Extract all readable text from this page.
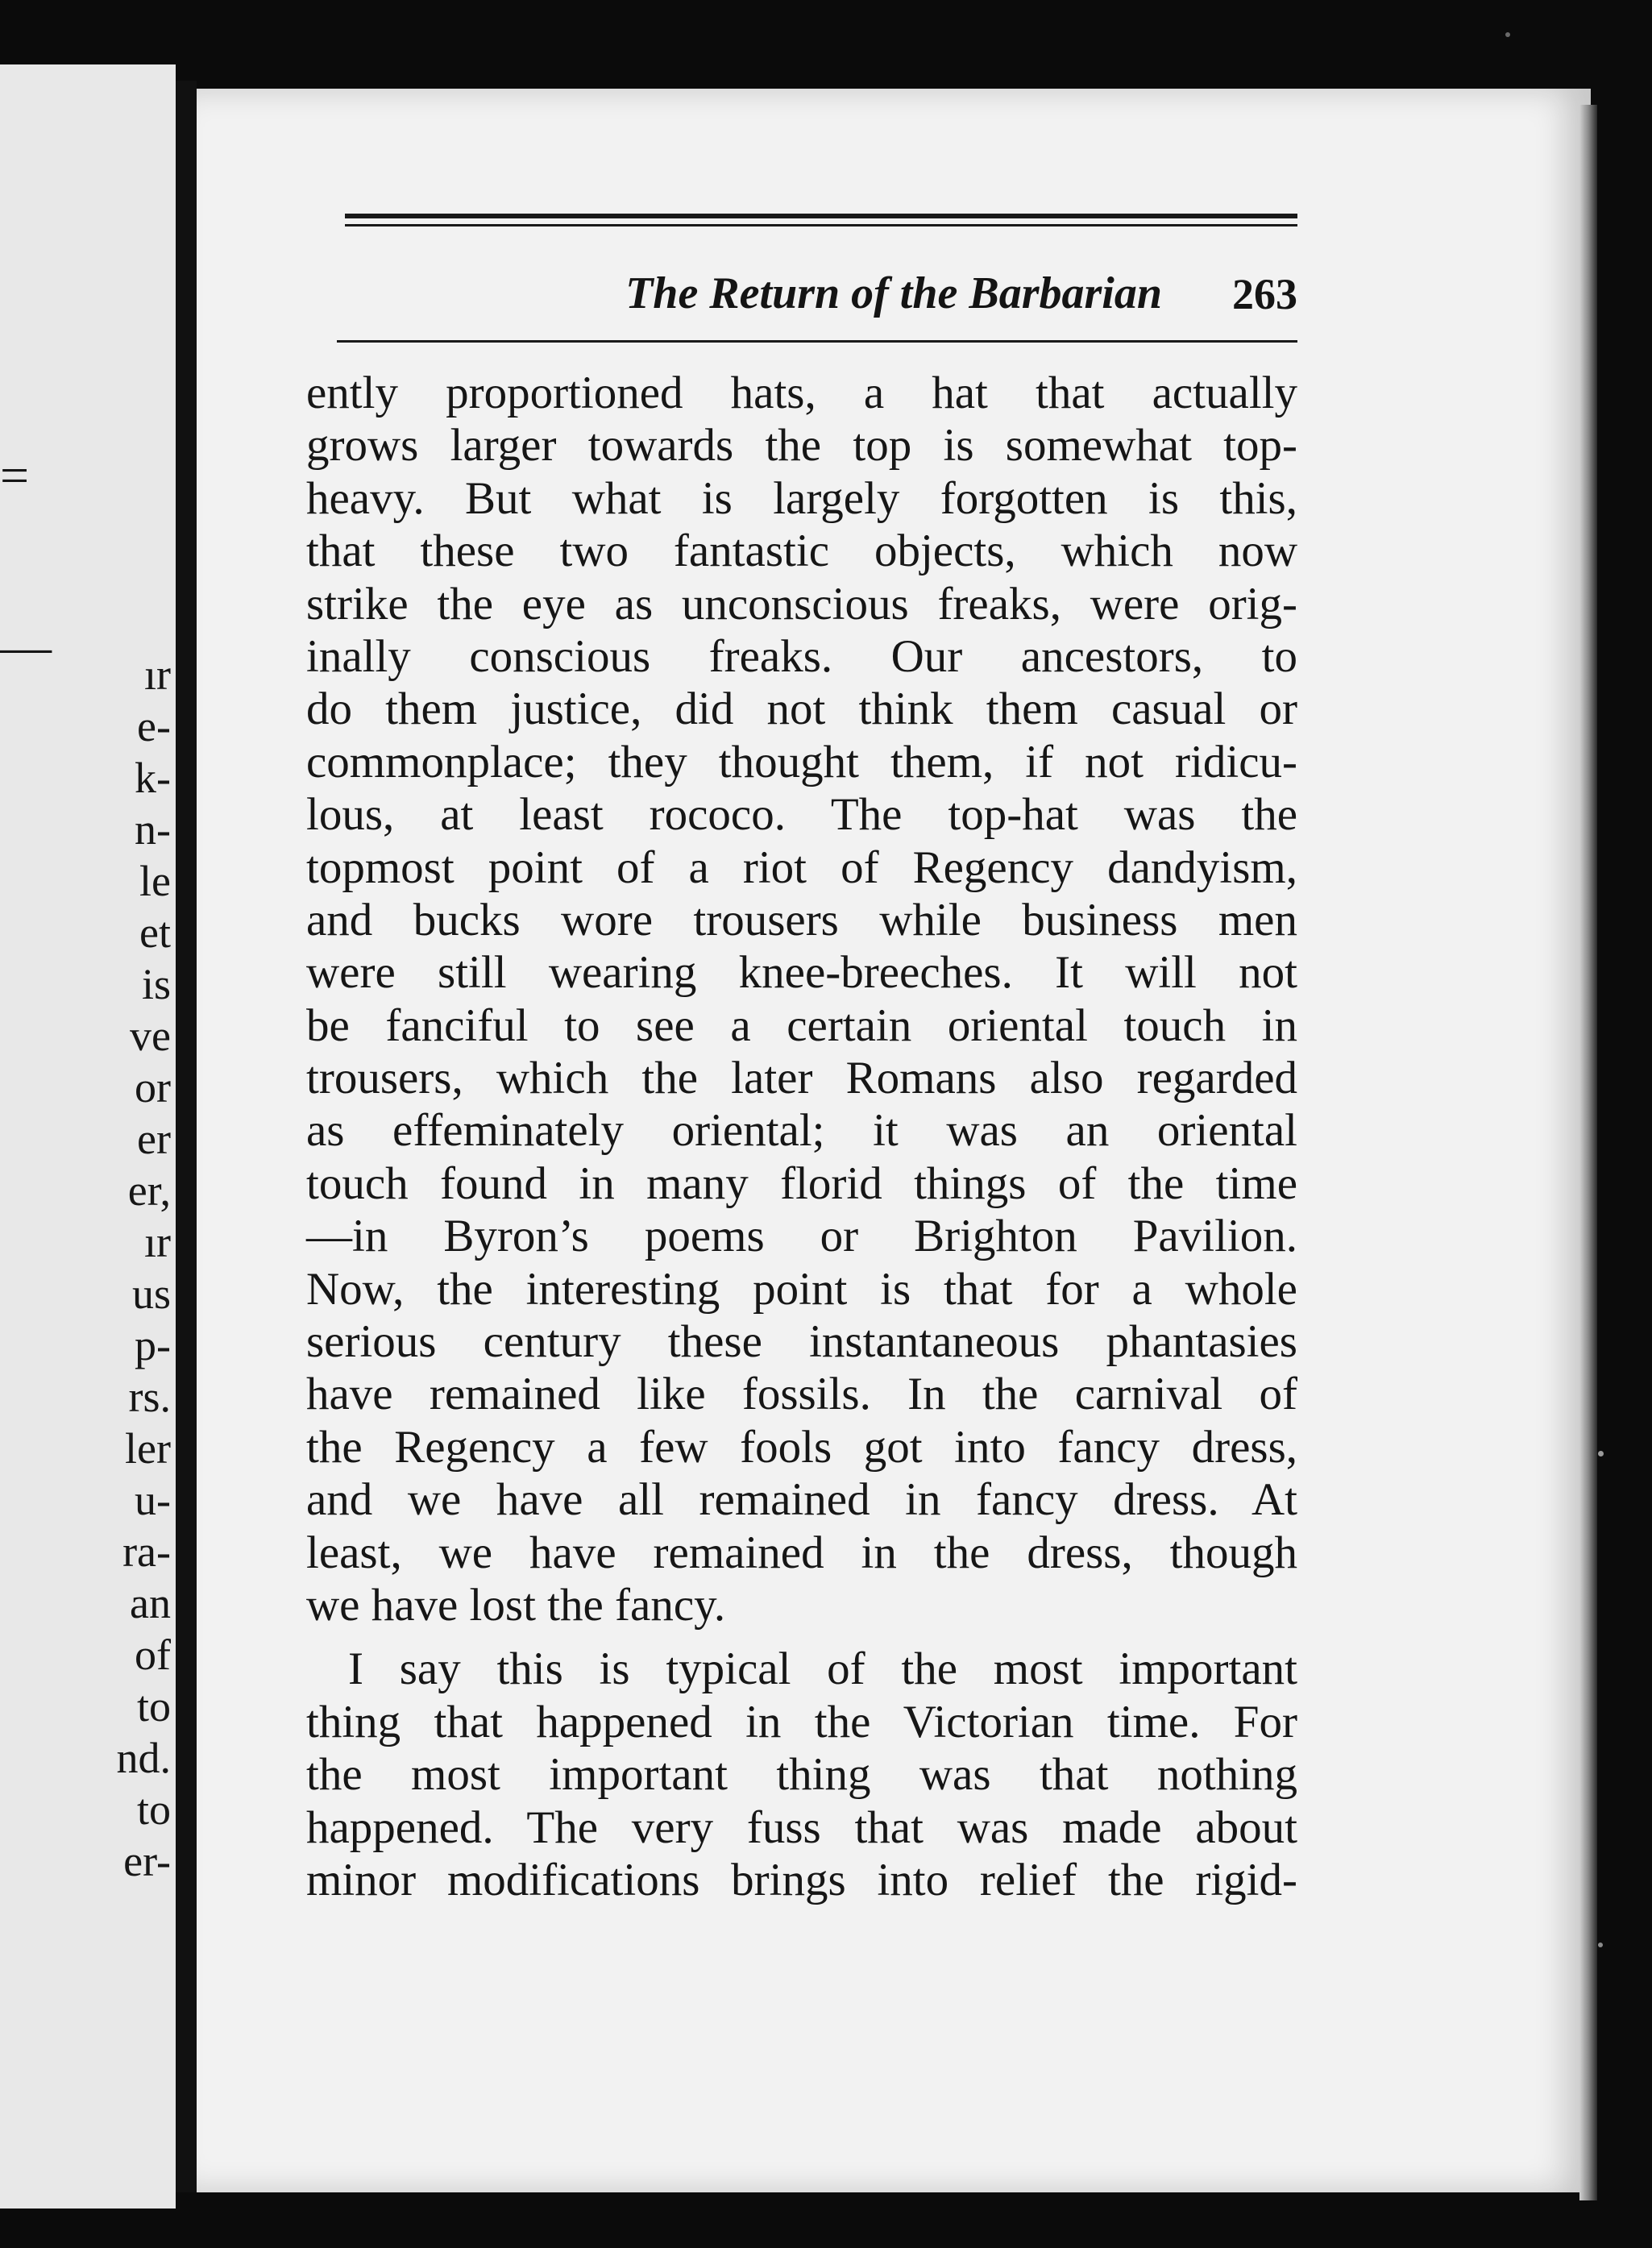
=
— ır
e-
k-
n-
le
et
is
ve
or
er
er,
ır
us
p-
rs.
ler
u-
ra-
an
of
to
nd.
to
er-
The Return of the Barbarian 263
ently proportioned hats, a hat that actually
grows larger towards the top is somewhat top-
heavy. But what is largely forgotten is this,
that these two fantastic objects, which now
strike the eye as unconscious freaks, were orig-
inally conscious freaks. Our ancestors, to
do them justice, did not think them casual or
commonplace; they thought them, if not ridicu-
lous, at least rococo. The top-hat was the
topmost point of a riot of Regency dandyism,
and bucks wore trousers while business men
were still wearing knee-breeches. It will not
be fanciful to see a certain oriental touch in
trousers, which the later Romans also regarded
as effeminately oriental; it was an oriental
touch found in many florid things of the time
—in Byron’s poems or Brighton Pavilion.
Now, the interesting point is that for a whole
serious century these instantaneous phantasies
have remained like fossils. In the carnival of
the Regency a few fools got into fancy dress,
and we have all remained in fancy dress. At
least, we have remained in the dress, though
we have lost the fancy.
I say this is typical of the most important
thing that happened in the Victorian time. For
the most important thing was that nothing
happened. The very fuss that was made about
minor modifications brings into relief the rigid-
